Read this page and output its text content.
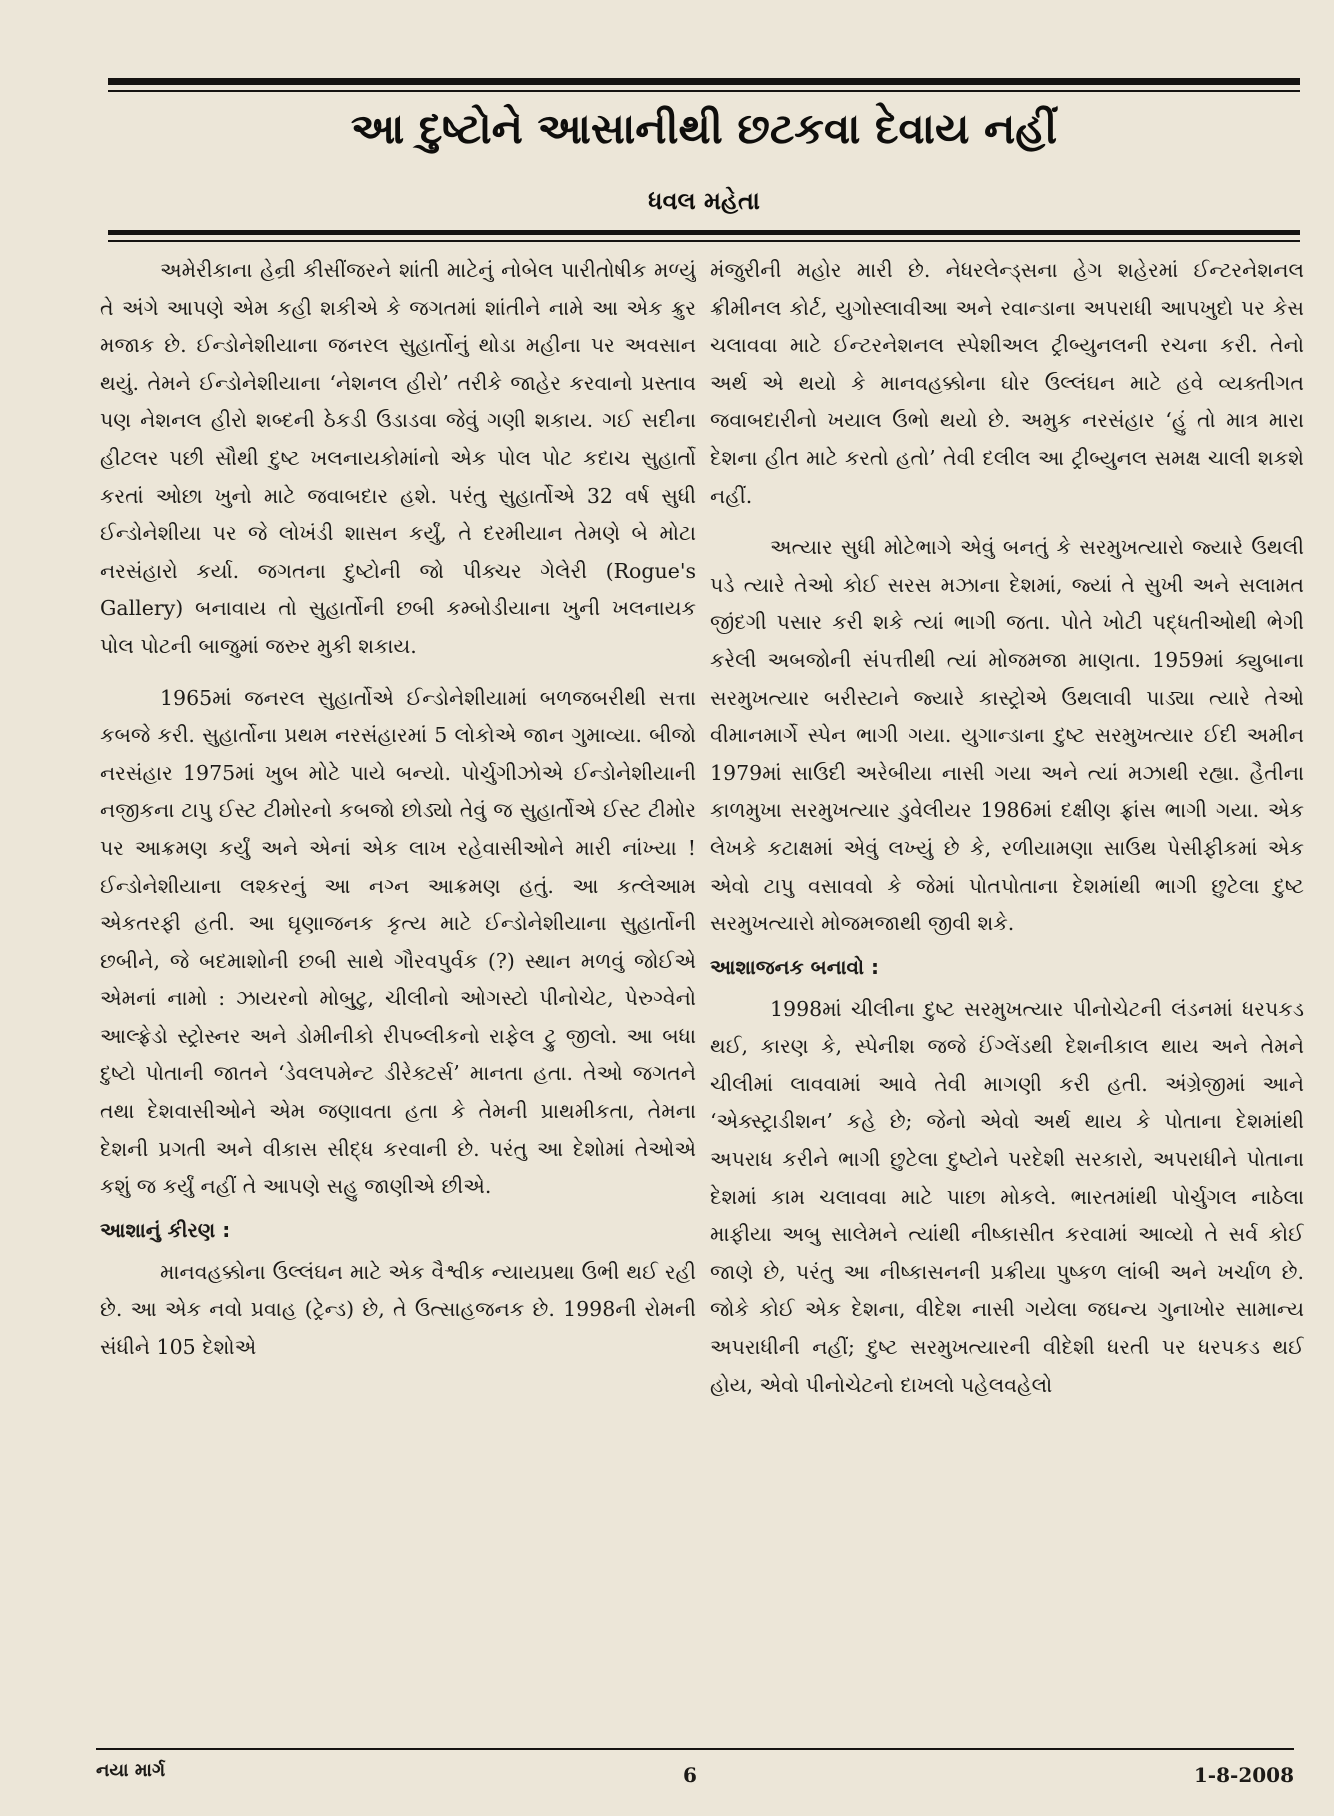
આ દુષ્ટોને આસાનીથી છટકવા દેવાય નહીં
ધવલ મહેતા

અમેરીકાના હેન્રી કીસીંજરને શાંતી માટેનું નોબેલ પારીતોષીક મળ્યું તે અંગે આપણે એમ કહી શકીએ કે જગતમાં શાંતીને નામે આ એક ક્રુર મજાક છે. ઈન્ડોનેશીયાના જનરલ સુહાર્તોનું થોડા મહીના પર અવસાન થયું. તેમને ઈન્ડોનેશીયાના ‘નેશનલ હીરો’ તરીકે જાહેર કરવાનો પ્રસ્તાવ પણ નેશનલ હીરો શબ્દની ઠેકડી ઉડાડવા જેવું ગણી શકાય. ગઈ સદીના હીટલર પછી સૌથી દુષ્ટ ખલનાયકોમાંનો એક પોલ પોટ કદાચ સુહાર્તો કરતાં ઓછા ખુનો માટે જવાબદાર હશે. પરંતુ સુહાર્તોએ 32 વર્ષ સુધી ઈન્ડોનેશીયા પર જે લોખંડી શાસન કર્યું, તે દરમીયાન તેમણે બે મોટા નરસંહારો કર્યા. જગતના દુષ્ટોની જો પીક્ચર ગેલેરી (Rogue's Gallery) બનાવાય તો સુહાર્તોની છબી કમ્બોડીયાના ખુની ખલનાયક પોલ પોટની બાજુમાં જરુર મુકી શકાય.

1965માં જનરલ સુહાર્તોએ ઈન્ડોનેશીયામાં બળજબરીથી સત્તા કબજે કરી. સુહાર્તોના પ્રથમ નરસંહારમાં 5 લોકોએ જાન ગુમાવ્યા. બીજો નરસંહાર 1975માં ખુબ મોટે પાયે બન્યો. પોર્ચુગીઝોએ ઈન્ડોનેશીયાની નજીકના ટાપુ ઈસ્ટ ટીમોરનો કબજો છોડ્યો તેવું જ સુહાર્તોએ ઈસ્ટ ટીમોર પર આક્રમણ કર્યું અને એનાં એક લાખ રહેવાસીઓને મારી નાંખ્યા ! ઈન્ડોનેશીયાના લશ્કરનું આ નગ્ન આક્રમણ હતું. આ કત્લેઆમ એકતરફી હતી. આ ઘૃણાજનક કૃત્ય માટે ઈન્ડોનેશીયાના સુહાર્તોની છબીને, જે બદમાશોની છબી સાથે ગૌરવપુર્વક (?) સ્થાન મળવું જોઈએ એમનાં નામો : ઝાયરનો મોબુટુ, ચીલીનો ઓગસ્ટો પીનોચેટ, પેરુગ્વેનો આલ્ફ્રેડો સ્ટ્રોસ્નર અને ડોમીનીકો રીપબ્લીકનો રાફેલ ટ્રુ જીલો. આ બધા દુષ્ટો પોતાની જાતને ‘ડેવલપમેન્ટ ડીરેક્ટર્સ’ માનતા હતા. તેઓ જગતને તથા દેશવાસીઓને એમ જણાવતા હતા કે તેમની પ્રાથમીકતા, તેમના દેશની પ્રગતી અને વીકાસ સીદ્ધ કરવાની છે. પરંતુ આ દેશોમાં તેઓએ કશું જ કર્યું નહીં તે આપણે સહુ જાણીએ છીએ.

આશાનું કીરણ :

માનવહક્કોના ઉલ્લંઘન માટે એક વૈશ્વીક ન્યાયપ્રથા ઉભી થઈ રહી છે. આ એક નવો પ્રવાહ (ટ્રેન્ડ) છે, તે ઉત્સાહજનક છે. 1998ની રોમની સંધીને 105 દેશોએ

મંજુરીની મહોર મારી છે. નેધરલેન્ડ્સના હેગ શહેરમાં ઈન્ટરનેશનલ ક્રીમીનલ કોર્ટ, યુગોસ્લાવીઆ અને રવાન્ડાના અપરાધી આપખુદો પર કેસ ચલાવવા માટે ઈન્ટરનેશનલ સ્પેશીઅલ ટ્રીબ્યુનલની રચના કરી. તેનો અર્થ એ થયો કે માનવહક્કોના ઘોર ઉલ્લંઘન માટે હવે વ્યક્તીગત જવાબદારીનો ખયાલ ઉભો થયો છે. અમુક નરસંહાર ‘હું તો માત્ર મારા દેશના હીત માટે કરતો હતો’ તેવી દલીલ આ ટ્રીબ્યુનલ સમક્ષ ચાલી શકશે નહીં.

અત્યાર સુધી મોટેભાગે એવું બનતું કે સરમુખત્યારો જ્યારે ઉથલી પડે ત્યારે તેઓ કોઈ સરસ મઝાના દેશમાં, જ્યાં તે સુખી અને સલામત જીંદગી પસાર કરી શકે ત્યાં ભાગી જતા. પોતે ખોટી પદ્ધતીઓથી ભેગી કરેલી અબજોની સંપત્તીથી ત્યાં મોજમજા માણતા. 1959માં ક્યુબાના સરમુખત્યાર બરીસ્ટાને જ્યારે કાસ્ટ્રોએ ઉથલાવી પાડ્યા ત્યારે તેઓ વીમાનમાર્ગે સ્પેન ભાગી ગયા. યુગાન્ડાના દુષ્ટ સરમુખત્યાર ઈદી અમીન 1979માં સાઉદી અરેબીયા નાસી ગયા અને ત્યાં મઝાથી રહ્યા. હૈતીના કાળમુખા સરમુખત્યાર ડુવેલીયર 1986માં દક્ષીણ ફ્રાંસ ભાગી ગયા. એક લેખકે કટાક્ષમાં એવું લખ્યું છે કે, રળીયામણા સાઉથ પેસીફીકમાં એક એવો ટાપુ વસાવવો કે જેમાં પોતપોતાના દેશમાંથી ભાગી છુટેલા દુષ્ટ સરમુખત્યારો મોજમજાથી જીવી શકે.

આશાજનક બનાવો :

1998માં ચીલીના દુષ્ટ સરમુખત્યાર પીનોચેટની લંડનમાં ધરપકડ થઈ, કારણ કે, સ્પેનીશ જજે ઈંગ્લેંડથી દેશનીકાલ થાય અને તેમને ચીલીમાં લાવવામાં આવે તેવી માગણી કરી હતી. અંગ્રેજીમાં આને ‘એક્સ્ટ્રાડીશન’ કહે છે; જેનો એવો અર્થ થાય કે પોતાના દેશમાંથી અપરાધ કરીને ભાગી છુટેલા દુષ્ટોને પરદેશી સરકારો, અપરાધીને પોતાના દેશમાં કામ ચલાવવા માટે પાછા મોકલે. ભારતમાંથી પોર્ચુગલ નાઠેલા માફીયા અબુ સાલેમને ત્યાંથી નીષ્કાસીત કરવામાં આવ્યો તે સર્વ કોઈ જાણે છે, પરંતુ આ નીષ્કાસનની પ્રક્રીયા પુષ્કળ લાંબી અને ખર્ચાળ છે. જોકે કોઈ એક દેશના, વીદેશ નાસી ગયેલા જઘન્ય ગુનાખોર સામાન્ય અપરાધીની નહીં; દુષ્ટ સરમુખત્યારની વીદેશી ધરતી પર ધરપકડ થઈ હોય, એવો પીનોચેટનો દાખલો પહેલવહેલો

નયા માર્ગ	6	1-8-2008
